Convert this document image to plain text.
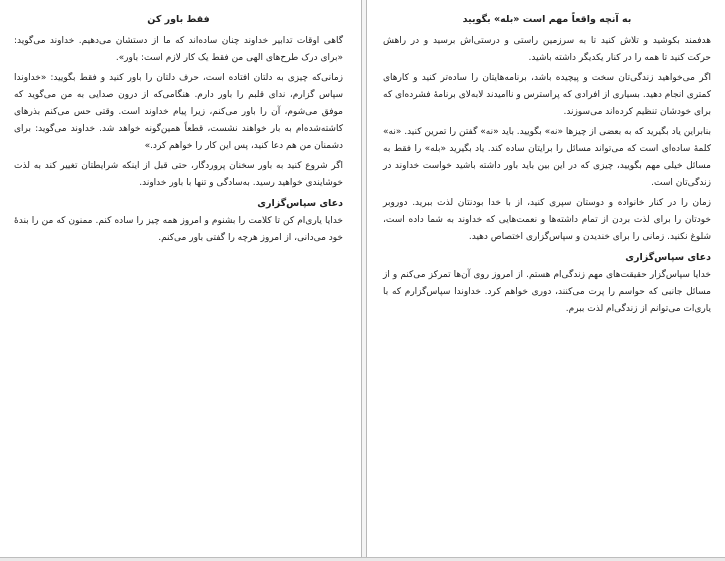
فقط باور کن

گاهی اوقات تدابیر خداوند چنان ساده‌اند که ما از دستشان می‌دهیم. خداوند می‌گوید: «برای درک طرح‌های الهی من فقط یک کار لازم است: باور».

زمانی‌که چیزی به دلتان افتاده است، حرف دلتان را باور کنید و فقط بگویید: «خداوندا سپاس گزارم، ندای قلبم را باور دارم. هنگامی‌که از درون صدایی به من می‌گوید که موفق می‌شوم، آن را باور می‌کنم، زیرا پیام خداوند است. وقتی حس می‌کنم بذرهای کاشته‌شده‌ام به بار خواهند نشست، قطعاً همین‌گونه خواهد شد. خداوند می‌گوید: برای دشمنان من هم دعا کنید، پس این کار را خواهم کرد.»

اگر شروع کنید به باور سخنان پروردگار، حتی قبل از اینکه شرایطتان تغییر کند به لذت خوشایندی خواهید رسید. به‌سادگی و تنها با باور خداوند.

دعای سپاس‌گزاری

خدایا یاری‌ام کن تا کلامت را بشنوم و امروز همه چیز را ساده کنم. ممنون که من را بندهٔ خود می‌دانی، از امروز هرچه را گفتی باور می‌کنم.

به آنچه واقعاً مهم است «بله» بگویید

هدفمند بکوشید و تلاش کنید تا به سرزمین راستی و درستی‌اش برسید و در راهش حرکت کنید تا همه را در کنار یکدیگر داشته باشید.

اگر می‌خواهید زندگی‌تان سخت و پیچیده باشد، برنامه‌هایتان را ساده‌تر کنید و کارهای کمتری انجام دهید. بسیاری از افرادی که پراسترس و ناامیدند لابه‌لای برنامهٔ فشرده‌ای که برای خودشان تنظیم کرده‌اند می‌سوزند.

بنابراین یاد بگیرید که به بعضی از چیزها «نه» بگویید. باید «نه» گفتن را تمرین کنید. «نه» کلمهٔ ساده‌ای است که می‌تواند مسائل را برایتان ساده کند. یاد بگیرید «بله» را فقط به مسائل خیلی مهم بگویید، چیزی که در این بین باید باور داشته باشید خواست خداوند در زندگی‌تان است.

زمان را در کنار خانواده و دوستان سپری کنید، از با خدا بودنتان لذت ببرید. دوروبر خودتان را برای لذت بردن از تمام داشته‌ها و نعمت‌هایی که خداوند به شما داده است، شلوغ نکنید. زمانی را برای خندیدن و سپاس‌گزاری اختصاص دهید.

دعای سپاس‌گزاری

خدایا سپاس‌گزار حقیقت‌های مهم زندگی‌ام هستم. از امروز روی آن‌ها تمرکز می‌کنم و از مسائل جانبی که حواسم را پرت می‌کنند، دوری خواهم کرد. خداوندا سپاس‌گزارم که با یاری‌ات می‌توانم از زندگی‌ام لذت ببرم.
